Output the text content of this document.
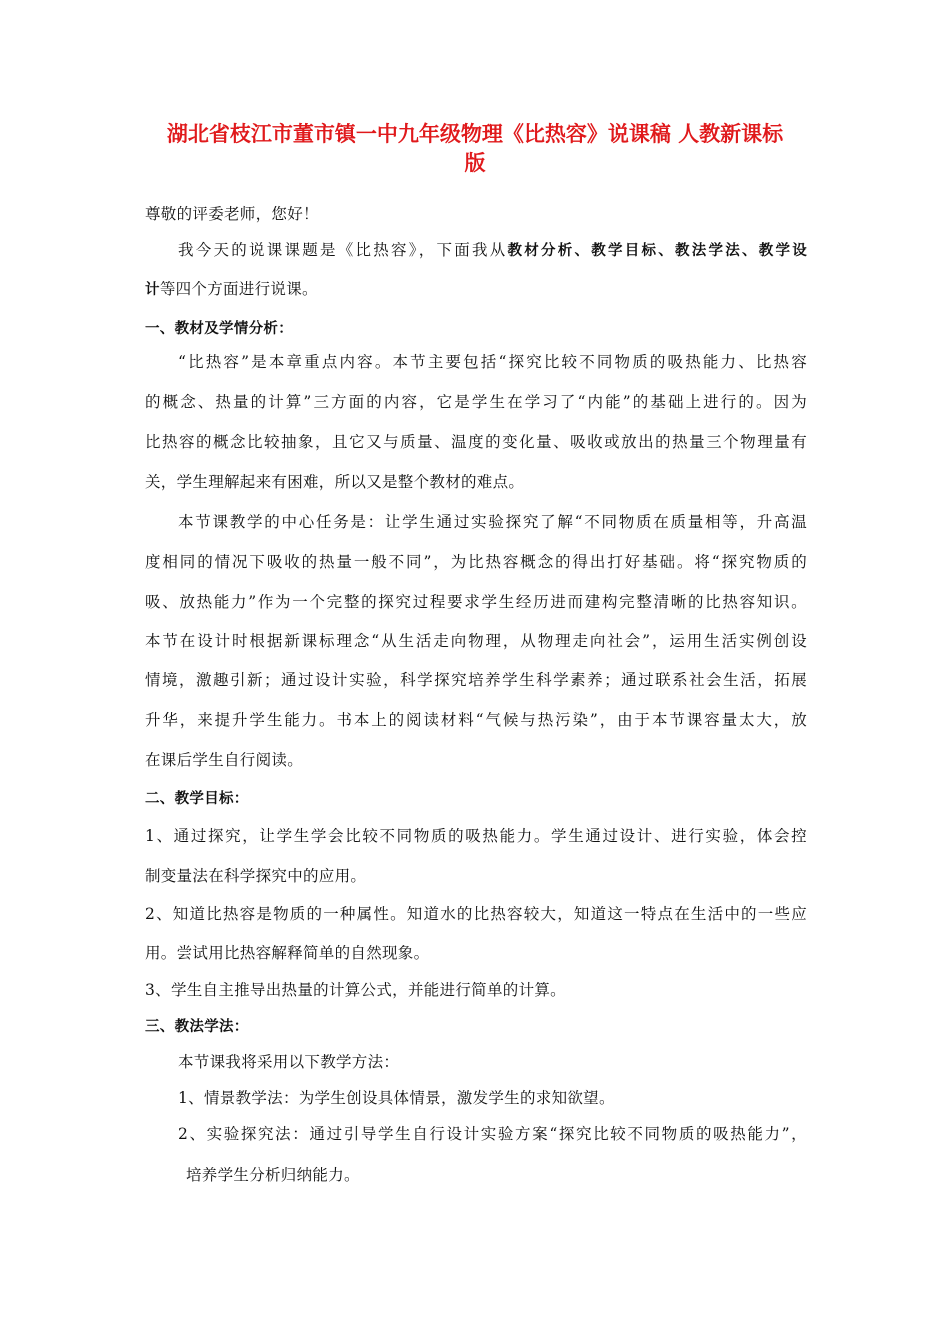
湖北省枝江市董市镇一中九年级物理《比热容》说课稿 人教新课标
版
尊敬的评委老师，您好！
我今天的说课课题是《比热容》，下面我从教材分析、教学目标、教法学法、教学设
计等四个方面进行说课。
一、教材及学情分析：
“比热容”是本章重点内容。本节主要包括“探究比较不同物质的吸热能力、比热容
的概念、热量的计算”三方面的内容，它是学生在学习了“内能”的基础上进行的。因为
比热容的概念比较抽象，且它又与质量、温度的变化量、吸收或放出的热量三个物理量有
关，学生理解起来有困难，所以又是整个教材的难点。
本节课教学的中心任务是：让学生通过实验探究了解“不同物质在质量相等，升高温
度相同的情况下吸收的热量一般不同”，为比热容概念的得出打好基础。将“探究物质的
吸、放热能力”作为一个完整的探究过程要求学生经历进而建构完整清晰的比热容知识。
本节在设计时根据新课标理念“从生活走向物理，从物理走向社会”，运用生活实例创设
情境，激趣引新；通过设计实验，科学探究培养学生科学素养；通过联系社会生活，拓展
升华，来提升学生能力。书本上的阅读材料“气候与热污染”，由于本节课容量太大，放
在课后学生自行阅读。
二、教学目标：
1、通过探究，让学生学会比较不同物质的吸热能力。学生通过设计、进行实验，体会控
制变量法在科学探究中的应用。
2、知道比热容是物质的一种属性。知道水的比热容较大，知道这一特点在生活中的一些应
用。尝试用比热容解释简单的自然现象。
3、学生自主推导出热量的计算公式，并能进行简单的计算。
三、教法学法：
本节课我将采用以下教学方法：
1、情景教学法：为学生创设具体情景，激发学生的求知欲望。
2、实验探究法：通过引导学生自行设计实验方案“探究比较不同物质的吸热能力”，
培养学生分析归纳能力。
